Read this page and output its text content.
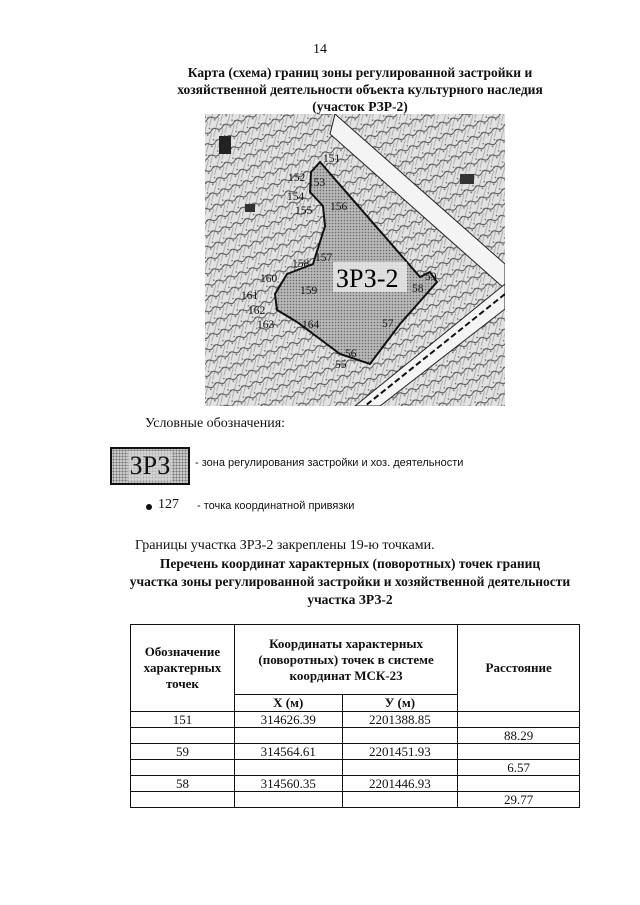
14
Карта (схема) границ зоны регулированной застройки и
хозяйственной деятельности объекта культурного наследия
(участок РЗР-2)
ЗРЗ-2
151
152 153
154
155 156
157
158
159
160
161
162
163 164
55
56
57
58
59
Условные обозначения:
ЗРЗ - зона регулирования застройки и хоз. деятельности
127 - точка координатной привязки
Границы участка ЗРЗ-2 закреплены 19-ю точками.
Перечень координат характерных (поворотных) точек границ
участка зоны регулированной застройки и хозяйственной деятельности
участка ЗРЗ-2
Обозначение характерных точек	Координаты характерных (поворотных) точек в системе координат МСК-23		Расстояние
	X (м)	У (м)	
151	314626.39	2201388.85	
			88.29
59	314564.61	2201451.93	
			6.57
58	314560.35	2201446.93	
			29.77
